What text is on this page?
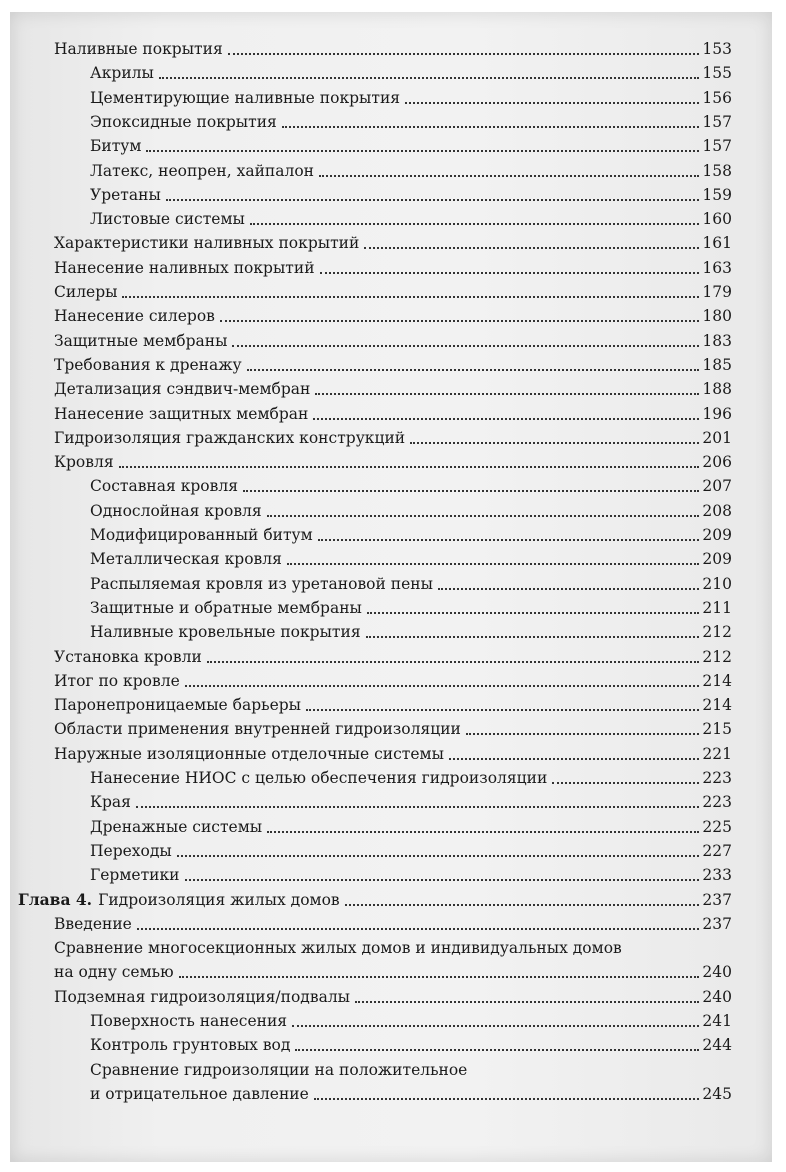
Наливные покрытия	153
Акрилы	155
Цементирующие наливные покрытия	156
Эпоксидные покрытия	157
Битум	157
Латекс, неопрен, хайпалон	158
Уретаны	159
Листовые системы	160
Характеристики наливных покрытий	161
Нанесение наливных покрытий	163
Силеры	179
Нанесение силеров	180
Защитные мембраны	183
Требования к дренажу	185
Детализация сэндвич-мембран	188
Нанесение защитных мембран	196
Гидроизоляция гражданских конструкций	201
Кровля	206
Составная кровля	207
Однослойная кровля	208
Модифицированный битум	209
Металлическая кровля	209
Распыляемая кровля из уретановой пены	210
Защитные и обратные мембраны	211
Наливные кровельные покрытия	212
Установка кровли	212
Итог по кровле	214
Паронепроницаемые барьеры	214
Области применения внутренней гидроизоляции	215
Наружные изоляционные отделочные системы	221
Нанесение НИОС с целью обеспечения гидроизоляции	223
Края	223
Дренажные системы	225
Переходы	227
Герметики	233
Глава 4. Гидроизоляция жилых домов	237
Введение	237
Сравнение многосекционных жилых домов и индивидуальных домов
на одну семью	240
Подземная гидроизоляция/подвалы	240
Поверхность нанесения	241
Контроль грунтовых вод	244
Сравнение гидроизоляции на положительное
и отрицательное давление	245
